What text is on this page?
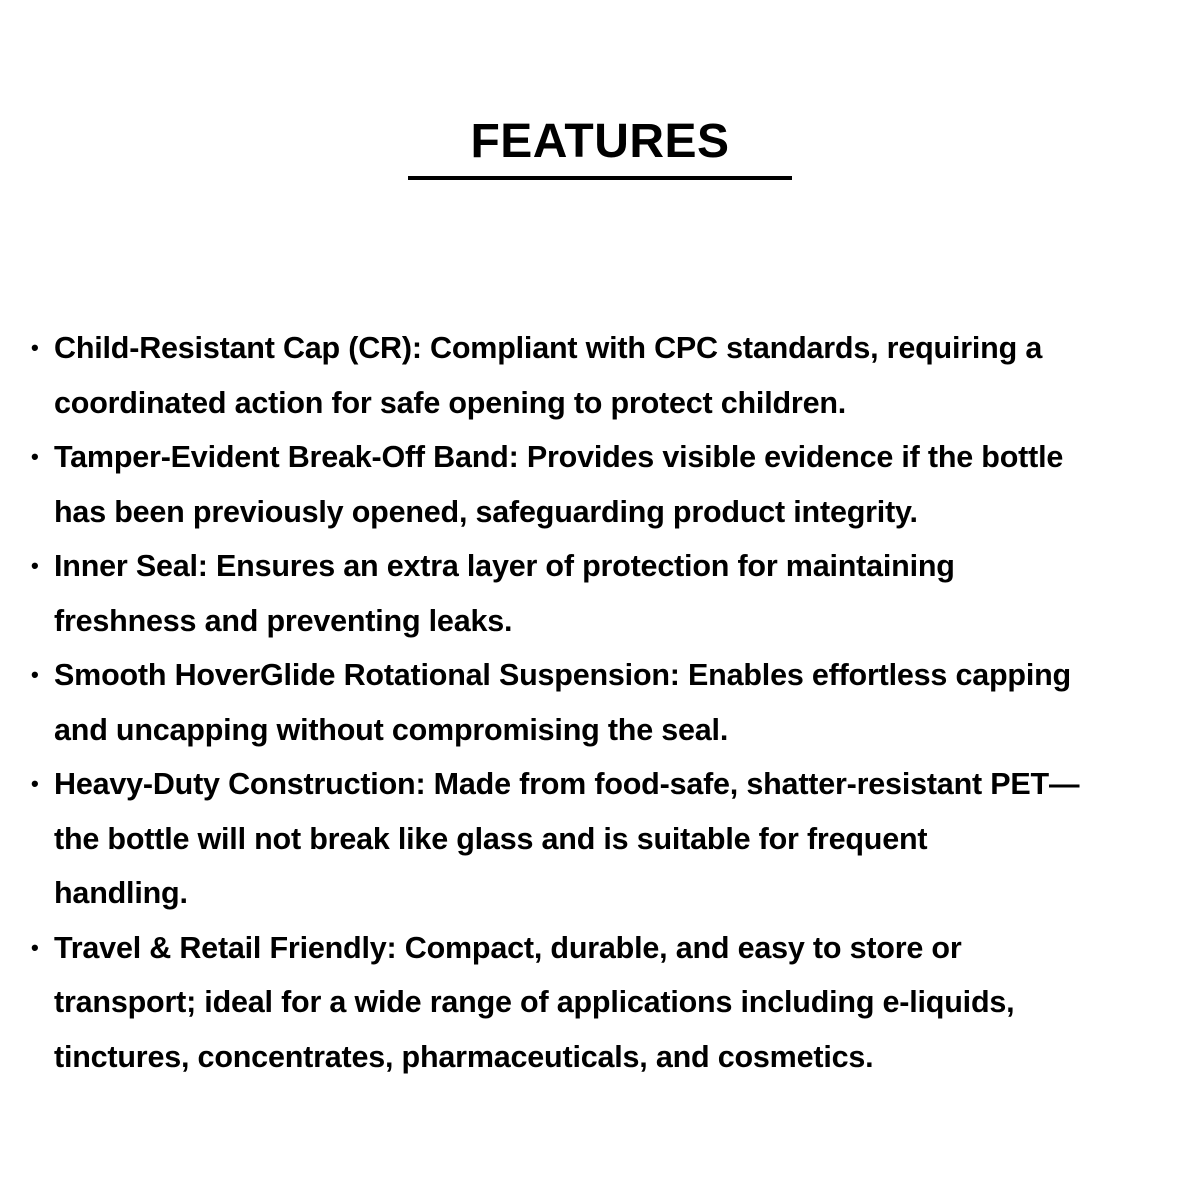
FEATURES
• Child-Resistant Cap (CR): Compliant with CPC standards, requiring a
coordinated action for safe opening to protect children.
• Tamper-Evident Break-Off Band: Provides visible evidence if the bottle
has been previously opened, safeguarding product integrity.
• Inner Seal: Ensures an extra layer of protection for maintaining
freshness and preventing leaks.
• Smooth HoverGlide Rotational Suspension: Enables effortless capping
and uncapping without compromising the seal.
• Heavy-Duty Construction: Made from food-safe, shatter-resistant PET—
the bottle will not break like glass and is suitable for frequent
handling.
• Travel & Retail Friendly: Compact, durable, and easy to store or
transport; ideal for a wide range of applications including e-liquids,
tinctures, concentrates, pharmaceuticals, and cosmetics.
